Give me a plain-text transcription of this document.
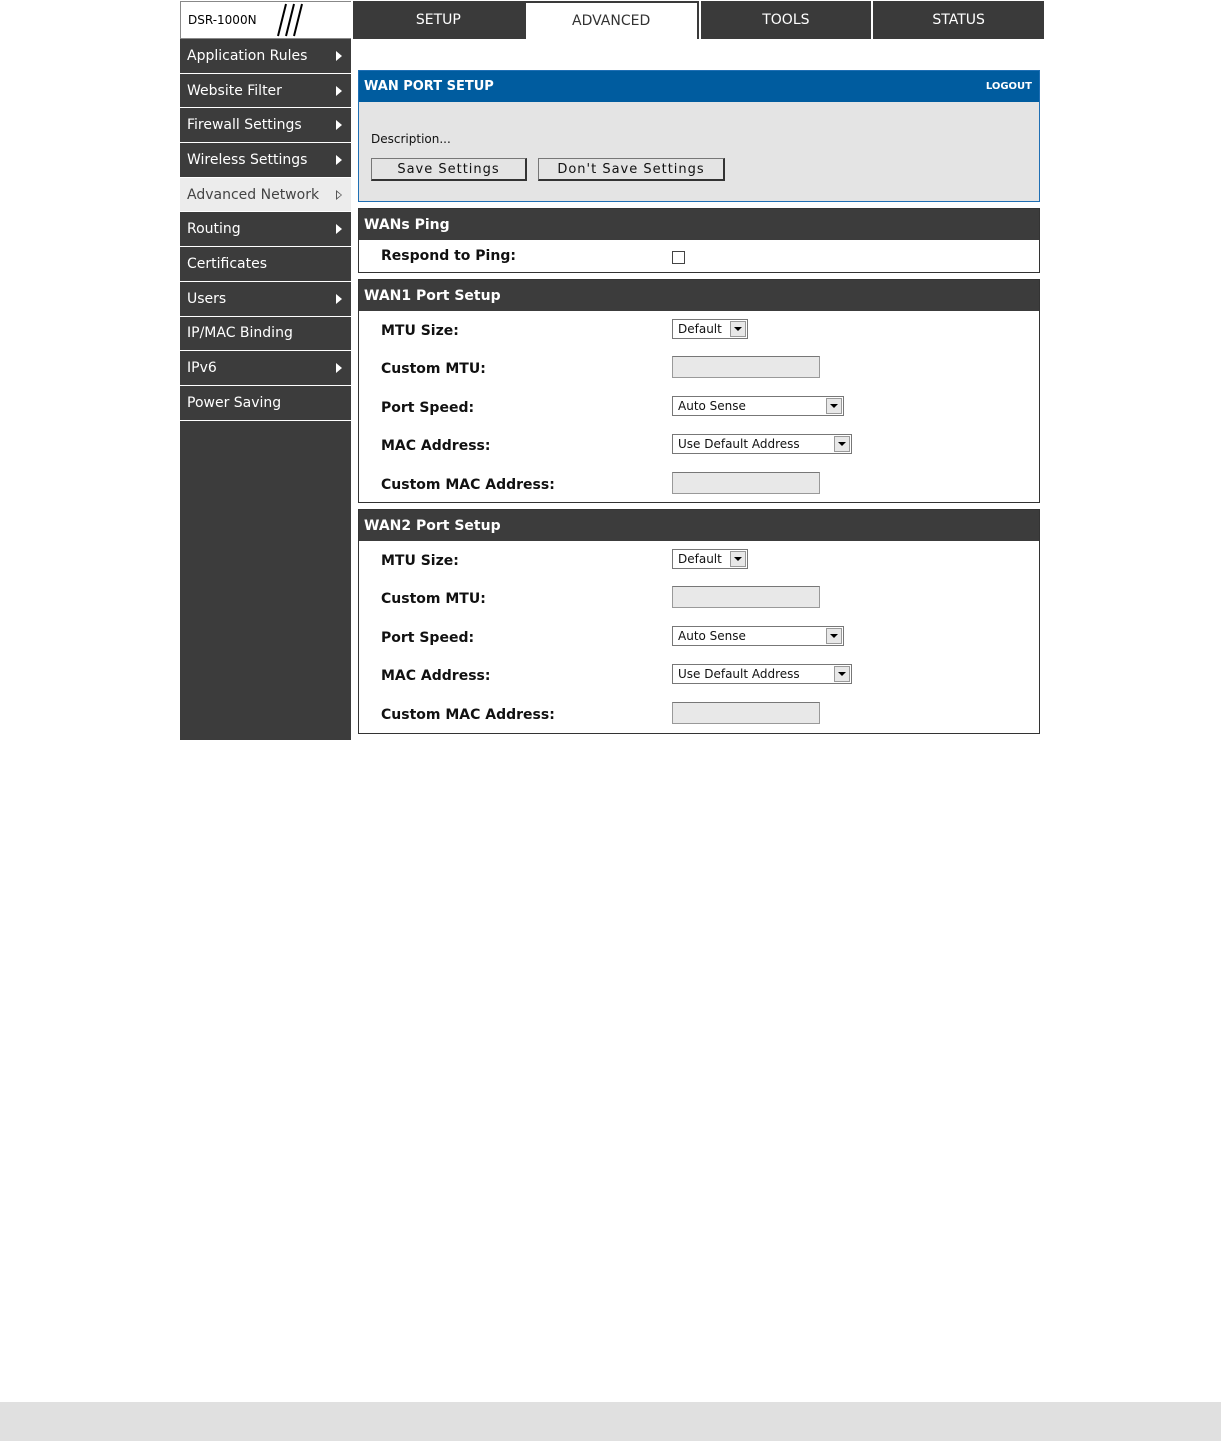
DSR-1000N	SETUP	ADVANCED	TOOLS	STATUS
Application Rules
Website Filter
Firewall Settings
Wireless Settings
Advanced Network
Routing
Certificates
Users
IP/MAC Binding
IPv6
Power Saving
WAN PORT SETUP	LOGOUT
Description...
Save Settings	Don't Save Settings
WANs Ping
Respond to Ping:
WAN1 Port Setup
MTU Size:	Default
Custom MTU:
Port Speed:	Auto Sense
MAC Address:	Use Default Address
Custom MAC Address:
WAN2 Port Setup
MTU Size:	Default
Custom MTU:
Port Speed:	Auto Sense
MAC Address:	Use Default Address
Custom MAC Address:
